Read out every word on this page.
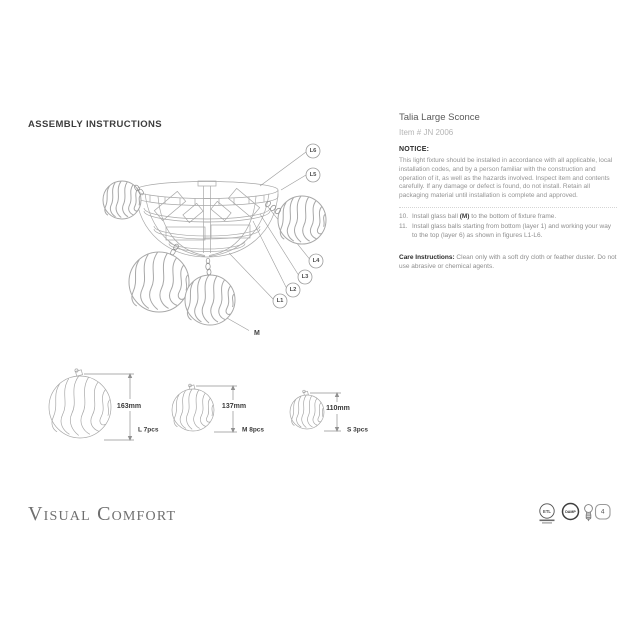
L6
L5
L4
L3
L2
L1
M
163mm
L 7pcs
137mm
M 8pcs
110mm
S 3pcs
ETL	DAMP	4
ASSEMBLY INSTRUCTIONS
Talia Large Sconce
Item # JN 2006
NOTICE:
This light fixture should be installed in accordance with all applicable, local installation codes, and by a person familiar with the construction and operation of it, as well as the hazards involved. Inspect item and contents carefully. If any damage or defect is found, do not install. Retain all packaging material until installation is complete and approved.
10. Install glass ball (M) to the bottom of fixture frame.
11. Install glass balls starting from bottom (layer 1) and working your way to the top (layer 6) as shown in figures L1-L6.
Care Instructions: Clean only with a soft dry cloth or feather duster. Do not use abrasive or chemical agents.
Visual Comfort
